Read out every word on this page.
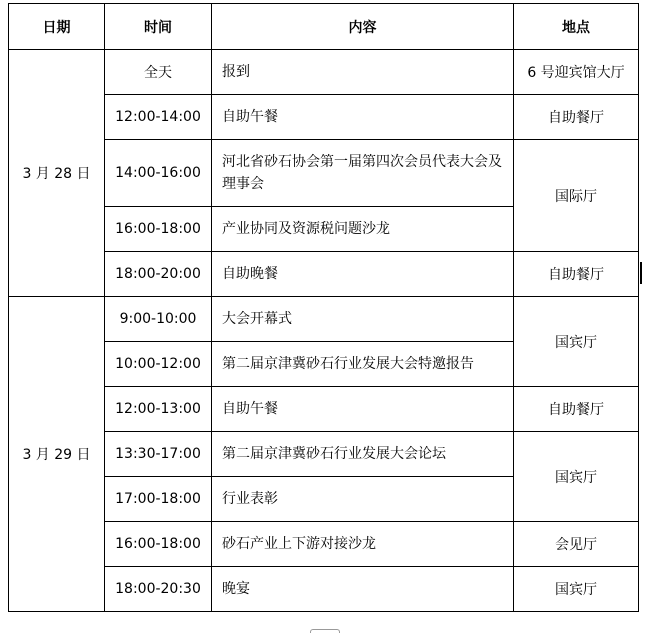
日期	时间	内容	地点
3 月 28 日	全天	报到	6 号迎宾馆大厅
	12:00-14:00	自助午餐	自助餐厅
	14:00-16:00	河北省砂石协会第一届第四次会员代表大会及理事会	国际厅
	16:00-18:00	产业协同及资源税问题沙龙	
	18:00-20:00	自助晚餐	自助餐厅
3 月 29 日	9:00-10:00	大会开幕式	国宾厅
	10:00-12:00	第二届京津冀砂石行业发展大会特邀报告	
	12:00-13:00	自助午餐	自助餐厅
	13:30-17:00	第二届京津冀砂石行业发展大会论坛	国宾厅
	17:00-18:00	行业表彰	
	16:00-18:00	砂石产业上下游对接沙龙	会见厅
	18:00-20:30	晚宴	国宾厅
